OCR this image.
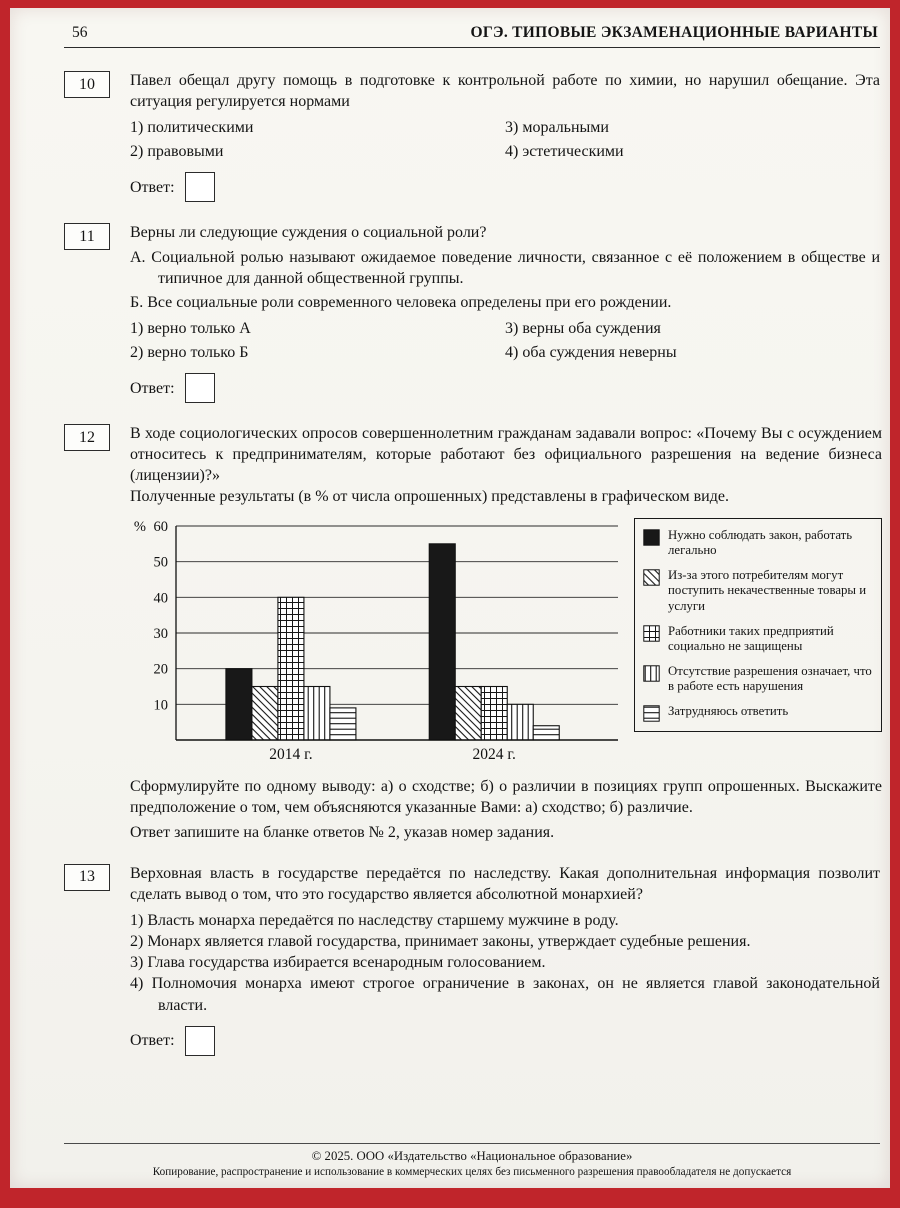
56	ОГЭ. ТИПОВЫЕ ЭКЗАМЕНАЦИОННЫЕ ВАРИАНТЫ
10	Павел обещал другу помощь в подготовке к контрольной работе по химии, но нарушил обещание. Эта ситуация регулируется нормами

1) политическими
2) правовыми
3) моральными
4) эстетическими
Ответ:
11	Верны ли следующие суждения о социальной роли?

А. Социальной ролью называют ожидаемое поведение личности, связанное с её положением в обществе и типичное для данной общественной группы.

Б. Все социальные роли современного человека определены при его рождении.

1) верно только А
2) верно только Б
3) верны оба суждения
4) оба суждения неверны
Ответ:
12	В ходе социологических опросов совершеннолетним гражданам задавали вопрос: «Почему Вы с осуждением относитесь к предпринимателям, которые работают без официального разрешения на ведение бизнеса (лицензии)?»

Полученные результаты (в % от числа опрошенных) представлены в графическом виде.

10
20
30
40
50
60
%
2014 г.	2024 г.
Нужно соблюдать закон, работать легально
Из-за этого потребителям могут поступить некачественные товары и услуги
Работники таких предприятий социально не защищены
Отсутствие разрешения означает, что в работе есть нарушения
Затрудняюсь ответить

Сформулируйте по одному выводу: а) о сходстве; б) о различии в позициях групп опрошенных. Выскажите предположение о том, чем объясняются указанные Вами: а) сходство; б) различие.

Ответ запишите на бланке ответов № 2, указав номер задания.

13	Верховная власть в государстве передаётся по наследству. Какая дополнительная информация позволит сделать вывод о том, что это государство является абсолютной монархией?

1) Власть монарха передаётся по наследству старшему мужчине в роду.
2) Монарх является главой государства, принимает законы, утверждает судебные решения.
3) Глава государства избирается всенародным голосованием.
4) Полномочия монарха имеют строгое ограничение в законах, он не является главой законодательной власти.
Ответ:
© 2025. ООО «Издательство «Национальное образование»
Копирование, распространение и использование в коммерческих целях без письменного разрешения правообладателя не допускается
